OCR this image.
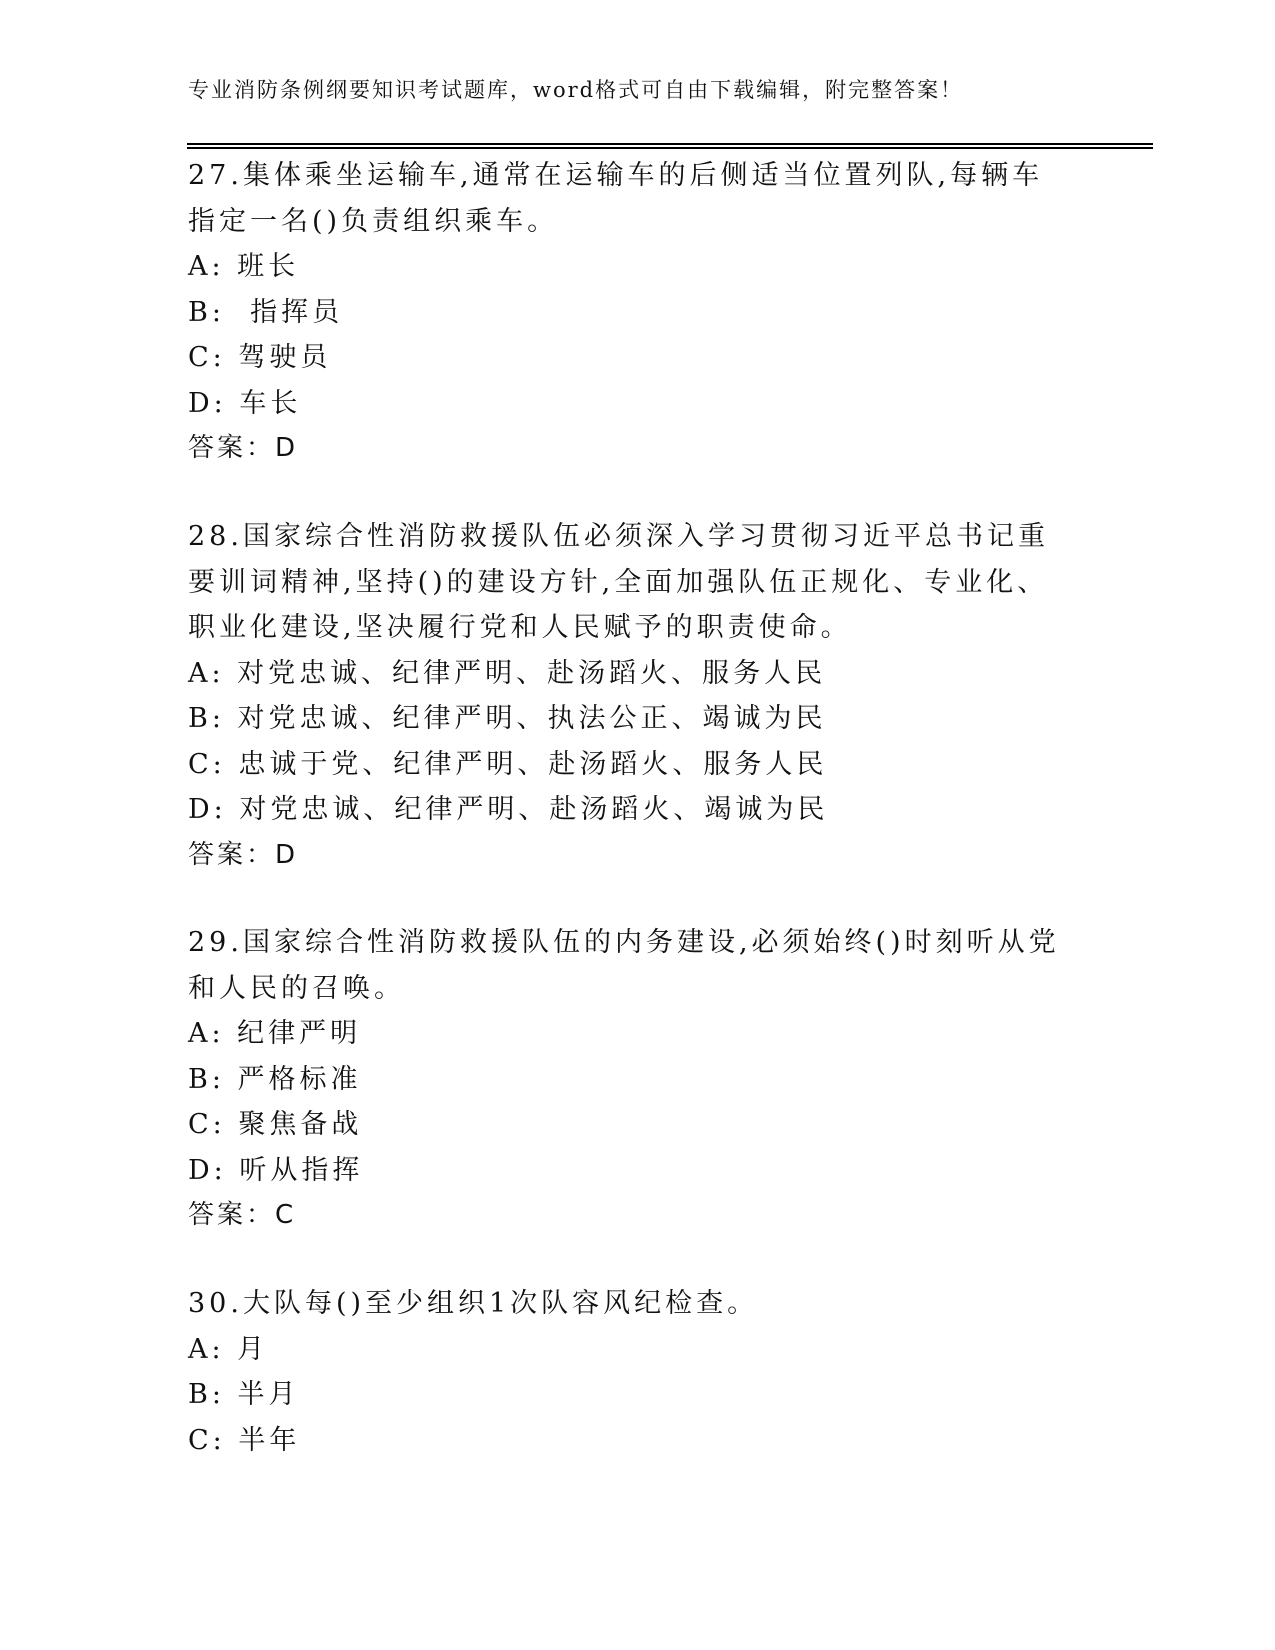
专业消防条例纲要知识考试题库，word格式可自由下载编辑，附完整答案！

27.集体乘坐运输车,通常在运输车的后侧适当位置列队,每辆车指定一名()负责组织乘车。

A: 班长

B:  指挥员

C: 驾驶员

D: 车长

答案：D

28.国家综合性消防救援队伍必须深入学习贯彻习近平总书记重要训词精神,坚持()的建设方针,全面加强队伍正规化、专业化、职业化建设,坚决履行党和人民赋予的职责使命。

A: 对党忠诚、纪律严明、赴汤蹈火、服务人民

B: 对党忠诚、纪律严明、执法公正、竭诚为民

C: 忠诚于党、纪律严明、赴汤蹈火、服务人民

D: 对党忠诚、纪律严明、赴汤蹈火、竭诚为民

答案：D

29.国家综合性消防救援队伍的内务建设,必须始终()时刻听从党和人民的召唤。

A: 纪律严明

B: 严格标准

C: 聚焦备战

D: 听从指挥

答案：C

30.大队每()至少组织1次队容风纪检查。

A: 月

B: 半月

C: 半年
